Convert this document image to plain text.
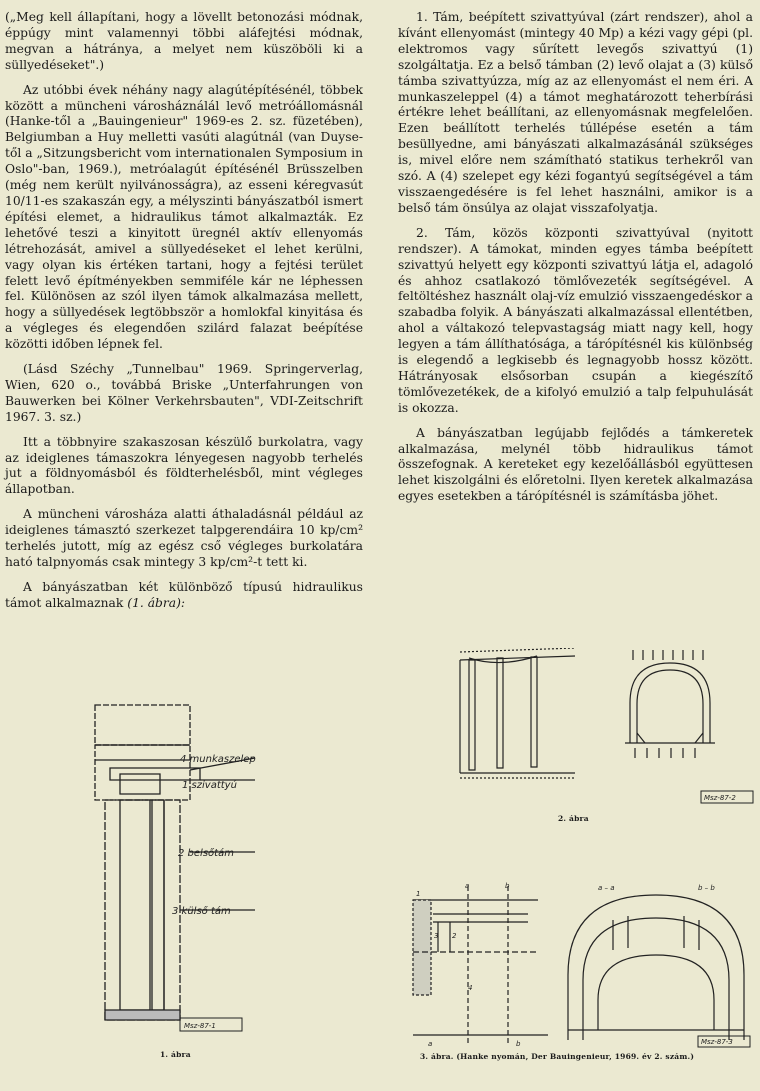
(„Meg kell állapítani, hogy a lövellt betonozási módnak, éppúgy mint valamennyi többi aláfejtési módnak, megvan a hátránya, a melyet nem küszöböli ki a süllyedéseket".)

Az utóbbi évek néhány nagy alagútépítésénél, többek között a müncheni városháználál levő metróállomásnál (Hanke-től a „Bauingenieur" 1969-es 2. sz. füzetében), Belgiumban a Huy melletti vasúti alagútnál (van Duyse-től a „Sitzungsbericht vom internationalen Symposium in Oslo"-ban, 1969.), metróalagút építésénél Brüsszelben (még nem került nyilvánosságra), az esseni kéregvasút 10/11-es szakaszán egy, a mélyszinti bányászatból ismert építési elemet, a hidraulikus támot alkalmazták. Ez lehetővé teszi a kinyitott üregnél aktív ellenyomás létrehozását, amivel a süllyedéseket el lehet kerülni, vagy olyan kis értéken tartani, hogy a fejtési terület felett levő építményekben semmiféle kár ne léphessen fel. Különösen az szól ilyen támok alkalmazása mellett, hogy a süllyedések legtöbbször a homlokfal kinyitása és a végleges és elegendően szilárd falazat beépítése közötti időben lépnek fel.

(Lásd Széchy „Tunnelbau" 1969. Springerverlag, Wien, 620 o., továbbá Briske „Unterfahrungen von Bauwerken bei Kölner Verkehrsbauten", VDI-Zeitschrift 1967. 3. sz.)

Itt a többnyire szakaszosan készülő burkolatra, vagy az ideiglenes támaszokra lényegesen nagyobb terhelés jut a földnyomásból és földterhelésből, mint végleges állapotban.

A müncheni városháza alatti áthaladásnál például az ideiglenes támasztó szerkezet talpgerendáira 10 kp/cm² terhelés jutott, míg az egész cső végleges burkolatára ható talpnyomás csak mintegy 3 kp/cm²-t tett ki.

A bányászatban két különböző típusú hidraulikus támot alkalmaznak (1. ábra):

1. Tám, beépített szivattyúval (zárt rendszer), ahol a kívánt ellenyomást (mintegy 40 Mp) a kézi vagy gépi (pl. elektromos vagy sűrített levegős szivattyú (1) szolgáltatja. Ez a belső támban (2) levő olajat a (3) külső támba szivattyúzza, míg az az ellenyomást el nem éri. A munkaszeleppel (4) a támot meghatározott teherbírási értékre lehet beállítani, az ellenyomásnak megfelelően. Ezen beállított terhelés túllépése esetén a tám besüllyedne, ami bányászati alkalmazásánál szükséges is, mivel előre nem számítható statikus terhekről van szó. A (4) szelepet egy kézi fogantyú segítségével a tám visszaengedésére is fel lehet használni, amikor is a belső tám önsúlya az olajat visszafolyatja.

2. Tám, közös központi szivattyúval (nyitott rendszer). A támokat, minden egyes támba beépített szivattyú helyett egy központi szivattyú látja el, adagoló és ahhoz csatlakozó tömlővezeték segítségével. A feltöltéshez használt olaj-víz emulzió visszaengedéskor a szabadba folyik. A bányászati alkalmazással ellentétben, ahol a váltakozó telepvastagság miatt nagy kell, hogy legyen a tám állíthatósága, a tárópítésnél kis különbség is elegendő a legkisebb és legnagyobb hossz között. Hátrányosak elsősorban csupán a kiegészítő tömlővezetékek, de a kifolyó emulzió a talp felpuhulását is okozza.

A bányászatban legújabb fejlődés a támkeretek alkalmazása, melynél több hidraulikus támot összefognak. A kereteket egy kezelőállásból együttesen lehet kiszolgálni és előretolni. Ilyen keretek alkalmazása egyes esetekben a tárópítésnél is számításba jöhet.

4 munkaszelep
1 szivattyú
2 belsőtám
3 külső tám
Msz-87-1
1. ábra
Msz-87-2
2. ábra
a	b
1
3 2
4
a	b
a – a	b – b
Msz-87-3
3. ábra. (Hanke nyomán, Der Bauingenieur, 1969. év 2. szám.)
